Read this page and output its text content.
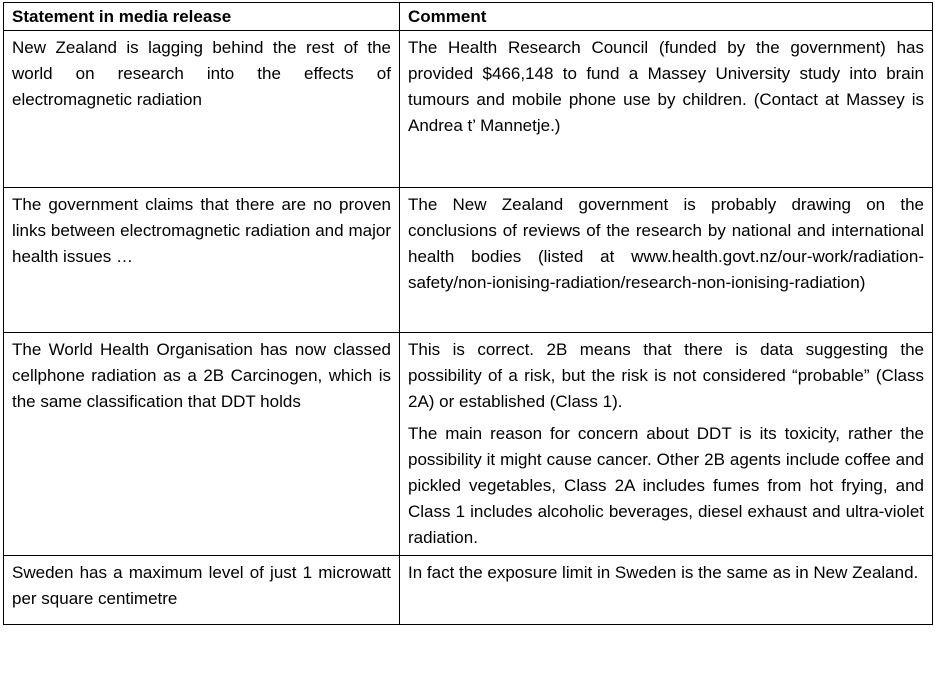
Statement in media release	Comment
New Zealand is lagging behind the rest of the world on research into the effects of electromagnetic radiation	The Health Research Council (funded by the government) has provided $466,148 to fund a Massey University study into brain tumours and mobile phone use by children. (Contact at Massey is Andrea t’ Mannetje.)

The government claims that there are no proven links between electromagnetic radiation and major health issues …	The New Zealand government is probably drawing on the conclusions of reviews of the research by national and international health bodies (listed at www.health.govt.nz/our-work/radiation-safety/non-ionising-radiation/research-non-ionising-radiation)

The World Health Organisation has now classed cellphone radiation as a 2B Carcinogen, which is the same classification that DDT holds	This is correct. 2B means that there is data suggesting the possibility of a risk, but the risk is not considered “probable” (Class 2A) or established (Class 1).

The main reason for concern about DDT is its toxicity, rather the possibility it might cause cancer. Other 2B agents include coffee and pickled vegetables, Class 2A includes fumes from hot frying, and Class 1 includes alcoholic beverages, diesel exhaust and ultra-violet radiation.

Sweden has a maximum level of just 1 microwatt per square centimetre	In fact the exposure limit in Sweden is the same as in New Zealand.
